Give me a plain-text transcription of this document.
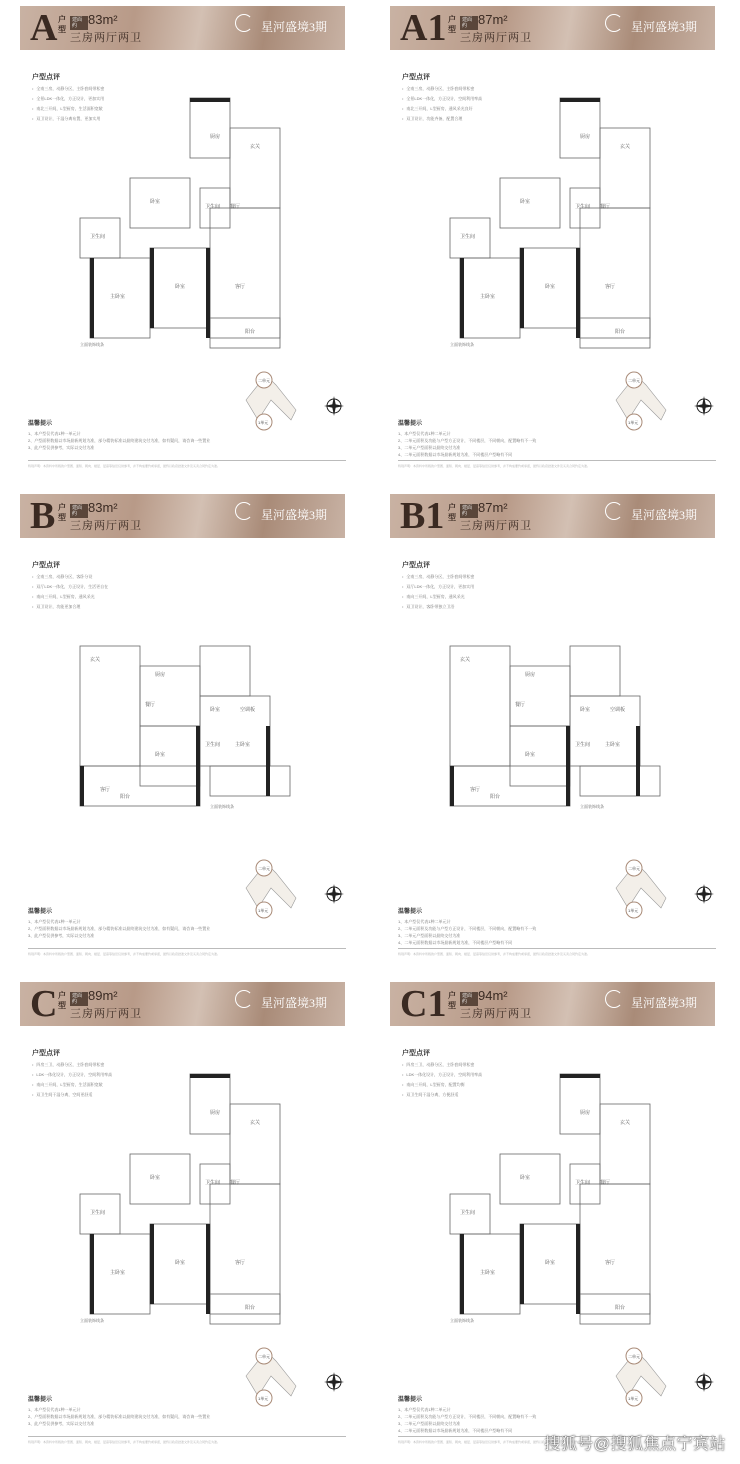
A 户型
建面约 83m²
三房两厅两卫
星河盛境3期
户型点评
• 全南三房，动静分区，主卧套间带私密
• 全景LDK一体化，方正设计，更加实用
• 南北三开间，L型厨房，生活面积宽敞
• 双卫设计，干湿分离布置，更加实用
厨房
玄关
卧室
卫生间
卫生间
餐厅
主卧室
卧室	客厅
阳台
立面装饰线条
二单元
1单元
温馨提示
1、本户型仅代表1种一单元计
2、户型面积数据以市场最新规划为准，部分精装标准以最终建筑交付为准，如有疑问，请咨询一些置业
3、此户型仅供参考，实际以交付为准
特别声明：本资料中所载的户型图、面积、朝向、楼层、层高等信息仅供参考，并不构成要约或承诺，最终以政府批准文件及买卖合同约定为准。
A1 户型
建面约 87m²
三房两厅两卫
星河盛境3期
户型点评
• 全南三房，动静分区，主卧套间带私密
• 全景LDK一体化，方正设计，空间利用率高
• 南北三开间，L型厨房，通风采光良好
• 双卫设计，功能齐备，配置合理
厨房
玄关
卧室
卫生间
卫生间
餐厅
主卧室
卧室	客厅
阳台
立面装饰线条
二单元
1单元
温馨提示
1、本户型仅代表1种二单元计
2、二单元面积及功能与户型方正设计，不同楼层，不同朝向，配置略有不一致
3、二单元户型面积以最终交付为准
4、二单元面积数据以市场最新规划为准，不同楼层户型略有不同
特别声明：本资料中所载的户型图、面积、朝向、楼层、层高等信息仅供参考，并不构成要约或承诺，最终以政府批准文件及买卖合同约定为准。
B 户型
建面约 83m²
三房两厅两卫
星河盛境3期
户型点评
• 全南三房，动静分区，客卧分设
• 双厅LDK一体化，方正设计，生活更自在
• 南向三开间，L型厨房，通风采光
• 双卫设计，功能更加合理
玄关
厨房
餐厅
卧室
卫生间
客厅
卧室
主卧室
阳台
空调板
立面装饰线条
二单元
1单元
温馨提示
1、本户型仅代表1种一单元计
2、户型面积数据以市场最新规划为准，部分精装标准以最终建筑交付为准，如有疑问，请咨询一些置业
3、此户型仅供参考，实际以交付为准
特别声明：本资料中所载的户型图、面积、朝向、楼层、层高等信息仅供参考，并不构成要约或承诺，最终以政府批准文件及买卖合同约定为准。
B1 户型
建面约 87m²
三房两厅两卫
星河盛境3期
户型点评
• 全南三房，动静分区，主卧套间带私密
• 双厅LDK一体化，方正设计，更加实用
• 南向三开间，L型厨房，通风采光
• 双卫设计，客卧带独立卫浴
玄关
厨房
餐厅
卧室
卫生间
客厅
卧室
主卧室
阳台
空调板
立面装饰线条
二单元
1单元
温馨提示
1、本户型仅代表1种二单元计
2、二单元面积及功能与户型方正设计，不同楼层，不同朝向，配置略有不一致
3、二单元户型面积以最终交付为准
4、二单元面积数据以市场最新规划为准，不同楼层户型略有不同
特别声明：本资料中所载的户型图、面积、朝向、楼层、层高等信息仅供参考，并不构成要约或承诺，最终以政府批准文件及买卖合同约定为准。
C 户型
建面约 89m²
三房两厅两卫
星河盛境3期
户型点评
• 四房三卫，动静分区，主卧套间带私密
• LDK一体化设计，方正设计，空间利用率高
• 南向三开间，L型厨房，生活面积宽敞
• 双卫生间干湿分离，空间更舒适
厨房
玄关
卧室
卫生间
卫生间
餐厅
主卧室
卧室	客厅
阳台
立面装饰线条
二单元
1单元
温馨提示
1、本户型仅代表1种一单元计
2、户型面积数据以市场最新规划为准，部分精装标准以最终建筑交付为准，如有疑问，请咨询一些置业
3、此户型仅供参考，实际以交付为准
特别声明：本资料中所载的户型图、面积、朝向、楼层、层高等信息仅供参考，并不构成要约或承诺，最终以政府批准文件及买卖合同约定为准。
C1 户型
建面约 94m²
三房两厅两卫
星河盛境3期
户型点评
• 四房三卫，动静分区，主卧套间带私密
• LDK一体化设计，方正设计，空间利用率高
• 南向三开间，L型厨房，配置均衡
• 双卫生间干湿分离，方便舒适
厨房
玄关
卧室
卫生间
卫生间
餐厅
主卧室
卧室	客厅
阳台
立面装饰线条
二单元
1单元
温馨提示
1、本户型仅代表1种二单元计
2、二单元面积及功能与户型方正设计，不同楼层，不同朝向，配置略有不一致
3、二单元户型面积以最终交付为准
4、二单元面积数据以市场最新规划为准，不同楼层户型略有不同
特别声明：本资料中所载的户型图、面积、朝向、楼层、层高等信息仅供参考，并不构成要约或承诺，最终以政府批准文件及买卖合同约定为准。
搜狐号@搜狐焦点宁宾站
